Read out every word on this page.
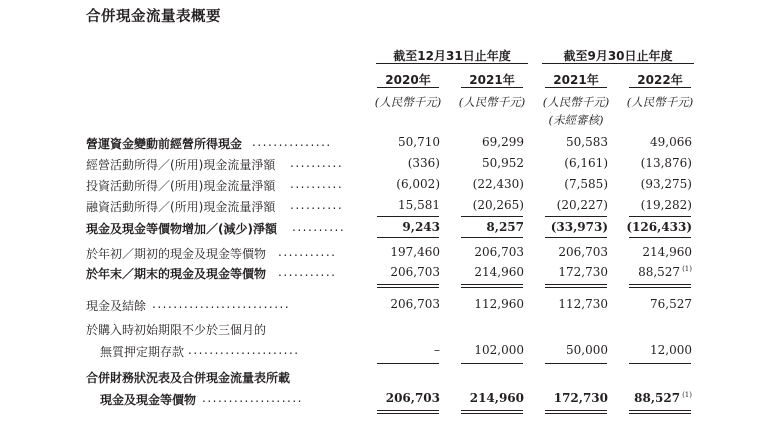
合併現金流量表概要
截至12月31日止年度	截至9月30日止年度
2020年	2021年	2021年	2022年
(人民幣千元)	(人民幣千元)	(人民幣千元)	(人民幣千元)
(未經審核)
營運資金變動前經營所得現金 ...............	50,710	69,299	50,583	49,066
經營活動所得／(所用)現金流量淨額 ..........	(336)	50,952	(6,161)	(13,876)
投資活動所得／(所用)現金流量淨額 ..........	(6,002)	(22,430)	(7,585)	(93,275)
融資活動所得／(所用)現金流量淨額 ..........	15,581	(20,265)	(20,227)	(19,282)
現金及現金等價物增加／(減少)淨額 ..........	9,243	8,257	(33,973)	(126,433)
於年初／期初的現金及現金等價物 ...........	197,460	206,703	206,703	214,960
於年末／期末的現金及現金等價物 ...........	206,703	214,960	172,730	88,527 $^{(1)}$
現金及結餘 ..........................	206,703	112,960	112,730	76,527
於購入時初始期限不少於三個月的
無質押定期存款 .....................	–	102,000	50,000	12,000
合併財務狀況表及合併現金流量表所載
現金及現金等價物 ...................	206,703	214,960	172,730	88,527 $^{(1)}$
